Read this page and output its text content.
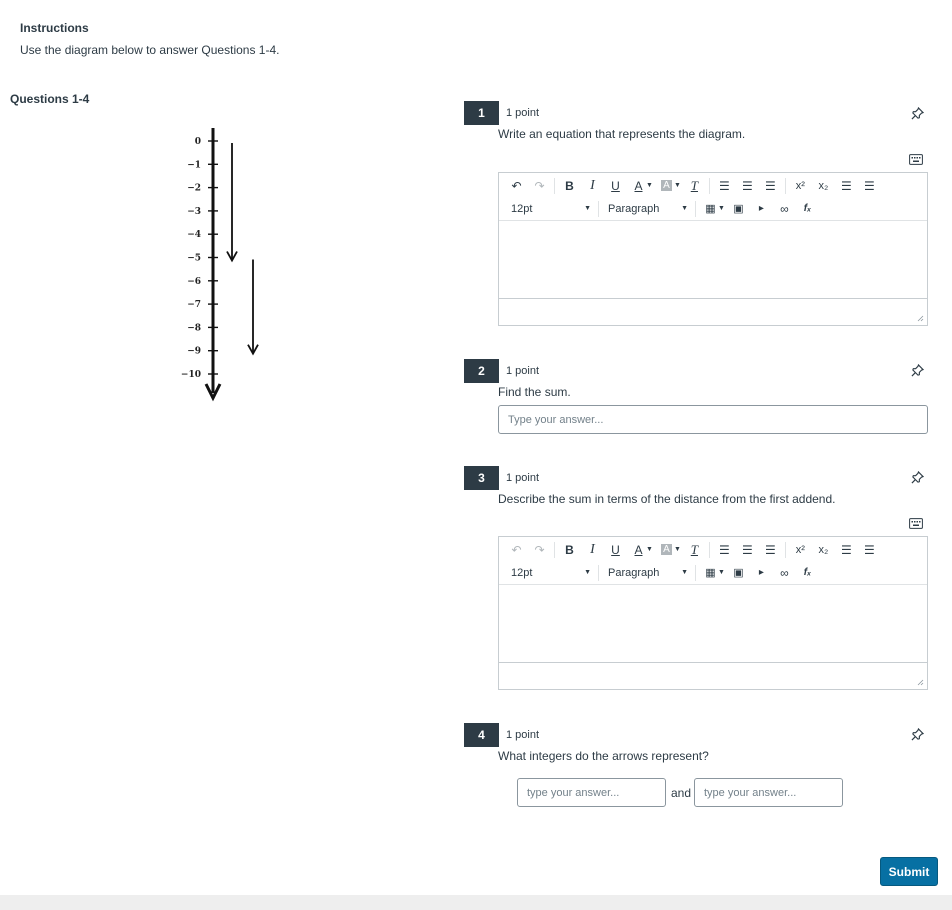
Instructions
Use the diagram below to answer Questions 1-4.
Questions 1-4
0
−1
−2
−3
−4
−5
−6
−7
−8
−9
−10
1	1 point
Write an equation that represents the diagram.
↶	↷	B	I	U	A ▼ A ▼ T	☰	☰	☰	x²	x₂	☰	☰
12pt	▼ Paragraph	▼	▦ ▼ ▣	▸	∞	fₓ
2	1 point
Find the sum.
Type your answer...
3	1 point
Describe the sum in terms of the distance from the first addend.
↶	↷	B	I	U	A ▼ A ▼ T	☰	☰	☰	x²	x₂	☰	☰
12pt	▼ Paragraph	▼	▦ ▼ ▣	▸	∞	fₓ
4	1 point
What integers do the arrows represent?
type your answer...
and
type your answer...
Submit
